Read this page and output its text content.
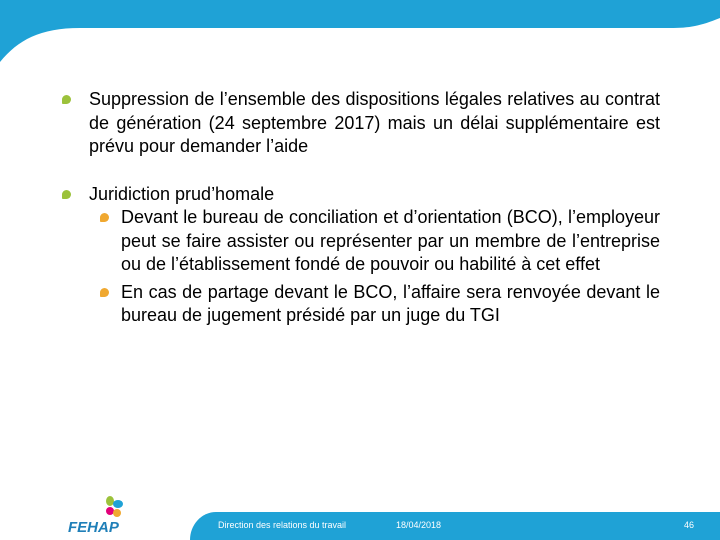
Suppression de l’ensemble des dispositions légales relatives au contrat de génération (24 septembre 2017) mais un délai supplémentaire est prévu pour demander l’aide
Juridiction prud’homale
Devant le bureau de conciliation et d’orientation (BCO), l’employeur peut se faire assister ou représenter par un membre de l’entreprise ou de l’établissement fondé de pouvoir ou habilité à cet effet
En cas de partage devant le BCO, l’affaire sera renvoyée devant le bureau de jugement présidé par un juge du TGI
FEHAP	Direction des relations du travail	18/04/2018	46
